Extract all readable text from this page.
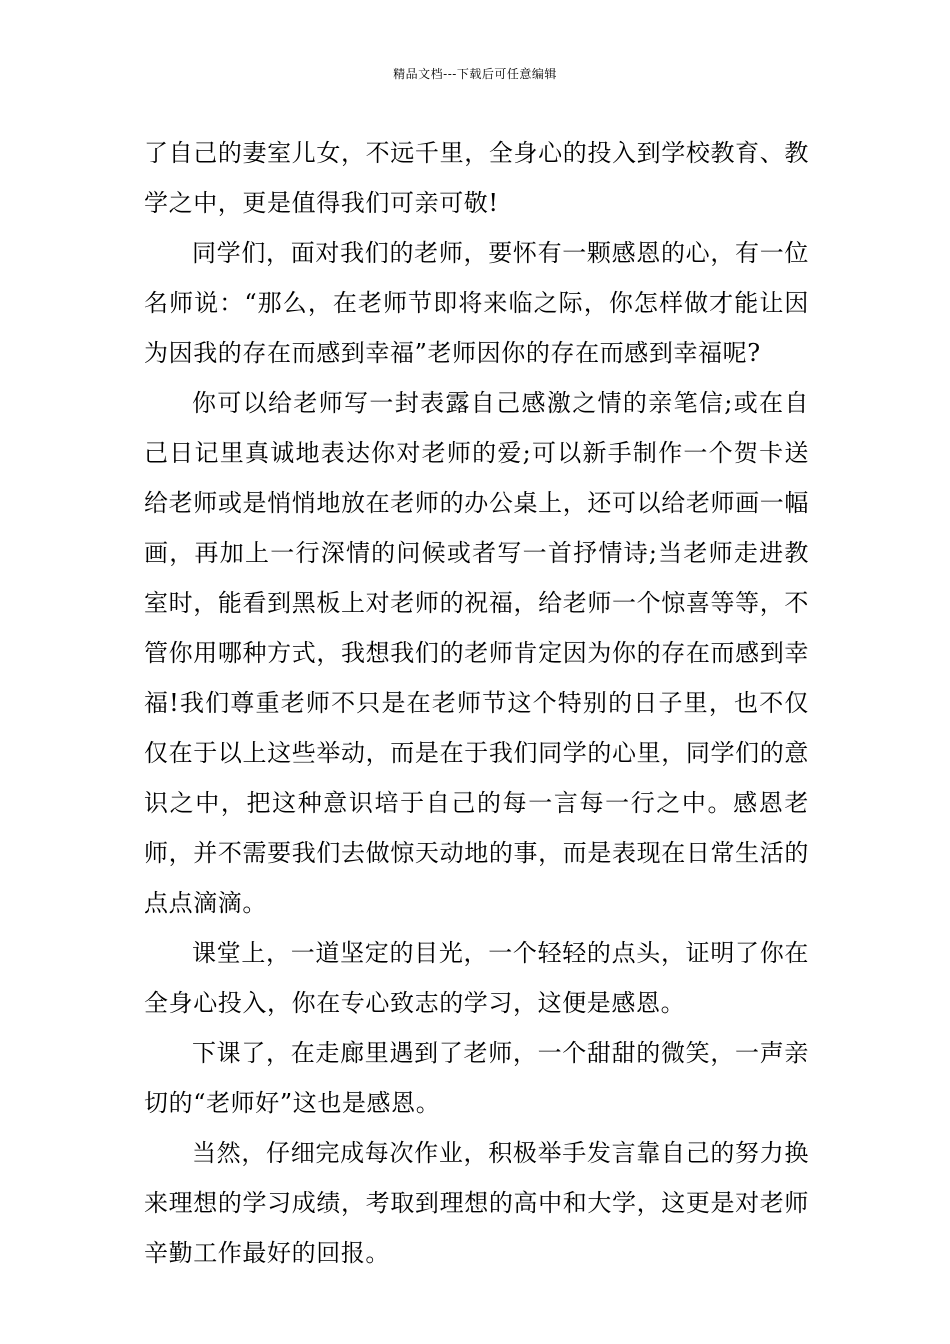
精品文档---下载后可任意编辑

了自己的妻室儿女，不远千里，全身心的投入到学校教育、教学之中，更是值得我们可亲可敬!

同学们，面对我们的老师，要怀有一颗感恩的心，有一位名师说：“那么，在老师节即将来临之际，你怎样做才能让因为因我的存在而感到幸福”老师因你的存在而感到幸福呢?

你可以给老师写一封表露自己感激之情的亲笔信;或在自己日记里真诚地表达你对老师的爱;可以新手制作一个贺卡送给老师或是悄悄地放在老师的办公桌上，还可以给老师画一幅画，再加上一行深情的问候或者写一首抒情诗;当老师走进教室时，能看到黑板上对老师的祝福，给老师一个惊喜等等，不管你用哪种方式，我想我们的老师肯定因为你的存在而感到幸福!我们尊重老师不只是在老师节这个特别的日子里，也不仅仅在于以上这些举动，而是在于我们同学的心里，同学们的意识之中，把这种意识培于自己的每一言每一行之中。感恩老师，并不需要我们去做惊天动地的事，而是表现在日常生活的点点滴滴。

课堂上，一道坚定的目光，一个轻轻的点头，证明了你在全身心投入，你在专心致志的学习，这便是感恩。

下课了，在走廊里遇到了老师，一个甜甜的微笑，一声亲切的“老师好”这也是感恩。

当然，仔细完成每次作业，积极举手发言靠自己的努力换来理想的学习成绩，考取到理想的高中和大学，这更是对老师辛勤工作最好的回报。
